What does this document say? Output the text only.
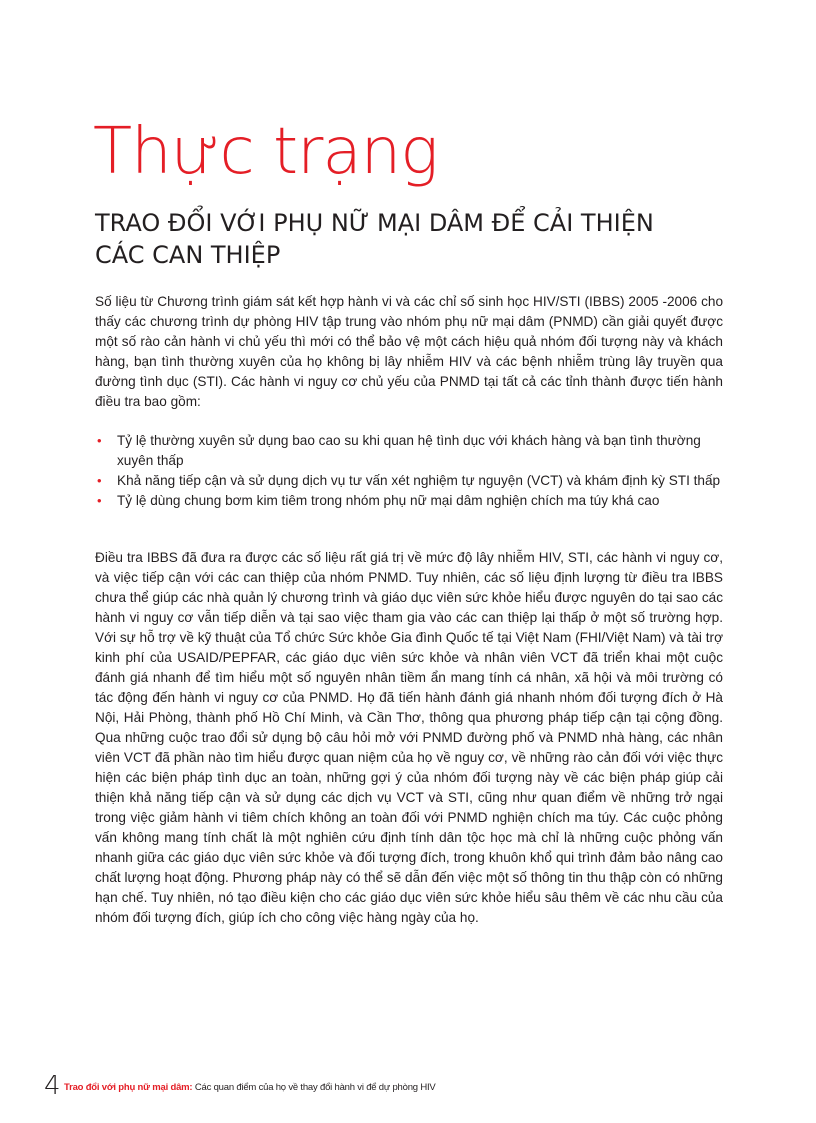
Thực trạng
TRAO ĐỔI VỚI PHỤ NỮ MẠI DÂM ĐỂ CẢI THIỆN CÁC CAN THIỆP

Số liệu từ Chương trình giám sát kết hợp hành vi và các chỉ số sinh học HIV/STI (IBBS) 2005 -2006 cho thấy các chương trình dự phòng HIV tập trung vào nhóm phụ nữ mại dâm (PNMD) cần giải quyết được một số rào cản hành vi chủ yếu thì mới có thể bảo vệ một cách hiệu quả nhóm đối tượng này và khách hàng, bạn tình thường xuyên của họ không bị lây nhiễm HIV và các bệnh nhiễm trùng lây truyền qua đường tình dục (STI). Các hành vi nguy cơ chủ yếu của PNMD tại tất cả các tỉnh thành được tiến hành điều tra bao gồm:

• Tỷ lệ thường xuyên sử dụng bao cao su khi quan hệ tình dục với khách hàng và bạn tình thường xuyên thấp
• Khả năng tiếp cận và sử dụng dịch vụ tư vấn xét nghiệm tự nguyện (VCT) và khám định kỳ STI thấp
• Tỷ lệ dùng chung bơm kim tiêm trong nhóm phụ nữ mại dâm nghiện chích ma túy khá cao

Điều tra IBBS đã đưa ra được các số liệu rất giá trị về mức độ lây nhiễm HIV, STI, các hành vi nguy cơ, và việc tiếp cận với các can thiệp của nhóm PNMD. Tuy nhiên, các số liệu định lượng từ điều tra IBBS chưa thể giúp các nhà quản lý chương trình và giáo dục viên sức khỏe hiểu được nguyên do tại sao các hành vi nguy cơ vẫn tiếp diễn và tại sao việc tham gia vào các can thiệp lại thấp ở một số trường hợp. Với sự hỗ trợ về kỹ thuật của Tổ chức Sức khỏe Gia đình Quốc tế tại Việt Nam (FHI/Việt Nam) và tài trợ kinh phí của USAID/PEPFAR, các giáo dục viên sức khỏe và nhân viên VCT đã triển khai một cuộc đánh giá nhanh để tìm hiểu một số nguyên nhân tiềm ẩn mang tính cá nhân, xã hội và môi trường có tác động đến hành vi nguy cơ của PNMD. Họ đã tiến hành đánh giá nhanh nhóm đối tượng đích ở Hà Nội, Hải Phòng, thành phố Hồ Chí Minh, và Cần Thơ, thông qua phương pháp tiếp cận tại cộng đồng. Qua những cuộc trao đổi sử dụng bộ câu hỏi mở với PNMD đường phố và PNMD nhà hàng, các nhân viên VCT đã phần nào tìm hiểu được quan niệm của họ về nguy cơ, về những rào cản đối với việc thực hiện các biện pháp tình dục an toàn, những gợi ý của nhóm đối tượng này về các biện pháp giúp cải thiện khả năng tiếp cận và sử dụng các dịch vụ VCT và STI, cũng như quan điểm về những trở ngại trong việc giảm hành vi tiêm chích không an toàn đối với PNMD nghiện chích ma túy. Các cuộc phỏng vấn không mang tính chất là một nghiên cứu định tính dân tộc học mà chỉ là những cuộc phỏng vấn nhanh giữa các giáo dục viên sức khỏe và đối tượng đích, trong khuôn khổ qui trình đảm bảo nâng cao chất lượng hoạt động. Phương pháp này có thể sẽ dẫn đến việc một số thông tin thu thập còn có những hạn chế. Tuy nhiên, nó tạo điều kiện cho các giáo dục viên sức khỏe hiểu sâu thêm về các nhu cầu của nhóm đối tượng đích, giúp ích cho công việc hàng ngày của họ.

4 Trao đổi với phụ nữ mại dâm: Các quan điểm của họ về thay đổi hành vi để dự phòng HIV
